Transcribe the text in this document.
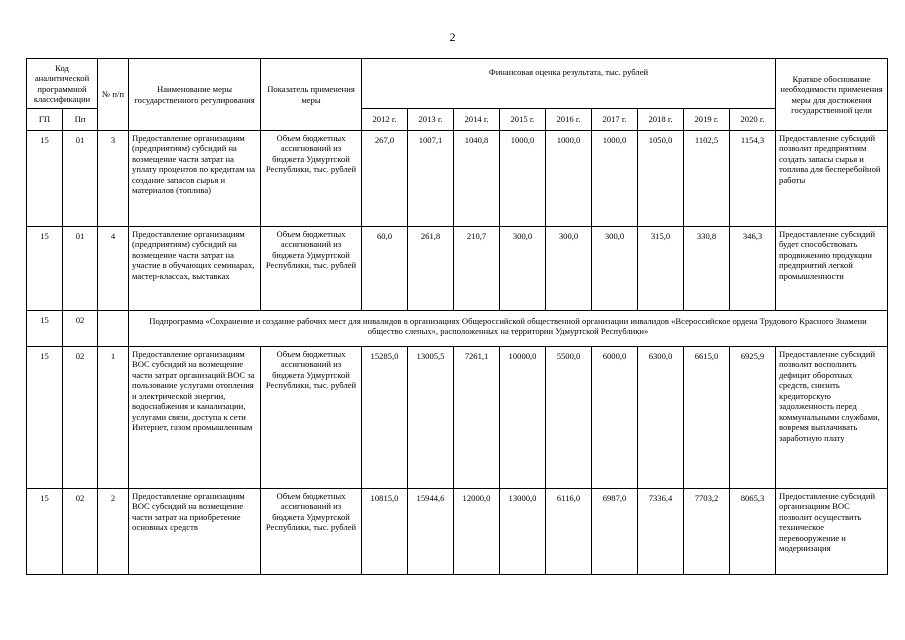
2
Код аналитической программной классификации		№ п/п	Наименование меры государственного регулирования	Показатель применения меры	Финансовая оценка результата, тыс. рублей									Краткое обоснование необходимости применения меры для достижения государственной цели
ГП	Пп				2012 г.	2013 г.	2014 г.	2015 г.	2016 г.	2017 г.	2018 г.	2019 г.	2020 г.	
15	01	3	Предоставление организациям (предприятиям) субсидий на возмещение части затрат на уплату процентов по кредитам на создание запасов сырья и материалов (топлива)	Объем бюджетных ассигнований из бюджета Удмуртской Республики, тыс. рублей	267,0	1007,1	1040,8	1000,0	1000,0	1000,0	1050,0	1102,5	1154,3	Предоставление субсидий позволит предприятиям создать запасы сырья и топлива для бесперебойной работы
15	01	4	Предоставление организациям (предприятиям) субсидий на возмещение части затрат на участие в обучающих семинарах, мастер-классах, выставках	Объем бюджетных ассигнований из бюджета Удмуртской Республики, тыс. рублей	60,0	261,8	210,7	300,0	300,0	300,0	315,0	330,8	346,3	Предоставление субсидий будет способствовать продвижению продукции предприятий легкой промышленности
15	02		Подпрограмма «Сохранение и создание рабочих мест для инвалидов в организациях Общероссийской общественной организации инвалидов «Всероссийское ордена Трудового Красного Знамени общество слепых», расположенных на территории Удмуртской Республики»											
15	02	1	Предоставление организациям ВОС субсидий на возмещение части затрат организаций ВОС за пользование услугами отопления и электрической энергии, водоснабжения и канализации, услугами связи, доступа к сети Интернет, газом промышленным	Объем бюджетных ассигнований из бюджета Удмуртской Республики, тыс. рублей	15285,0	13005,5	7261,1	10000,0	5500,0	6000,0	6300,0	6615,0	6925,9	Предоставление субсидий позволит восполнить дефицит оборотных средств, снизить кредиторскую задолженность перед коммунальными службами, вовремя выплачивать заработную плату
15	02	2	Предоставление организациям ВОС субсидий на возмещение части затрат на приобретение основных средств	Объем бюджетных ассигнований из бюджета Удмуртской Республики, тыс. рублей	10815,0	15944,6	12000,0	13000,0	6116,0	6987,0	7336,4	7703,2	8065,3	Предоставление субсидий организациям ВОС позволит осуществить техническое перевооружение и модернизация
